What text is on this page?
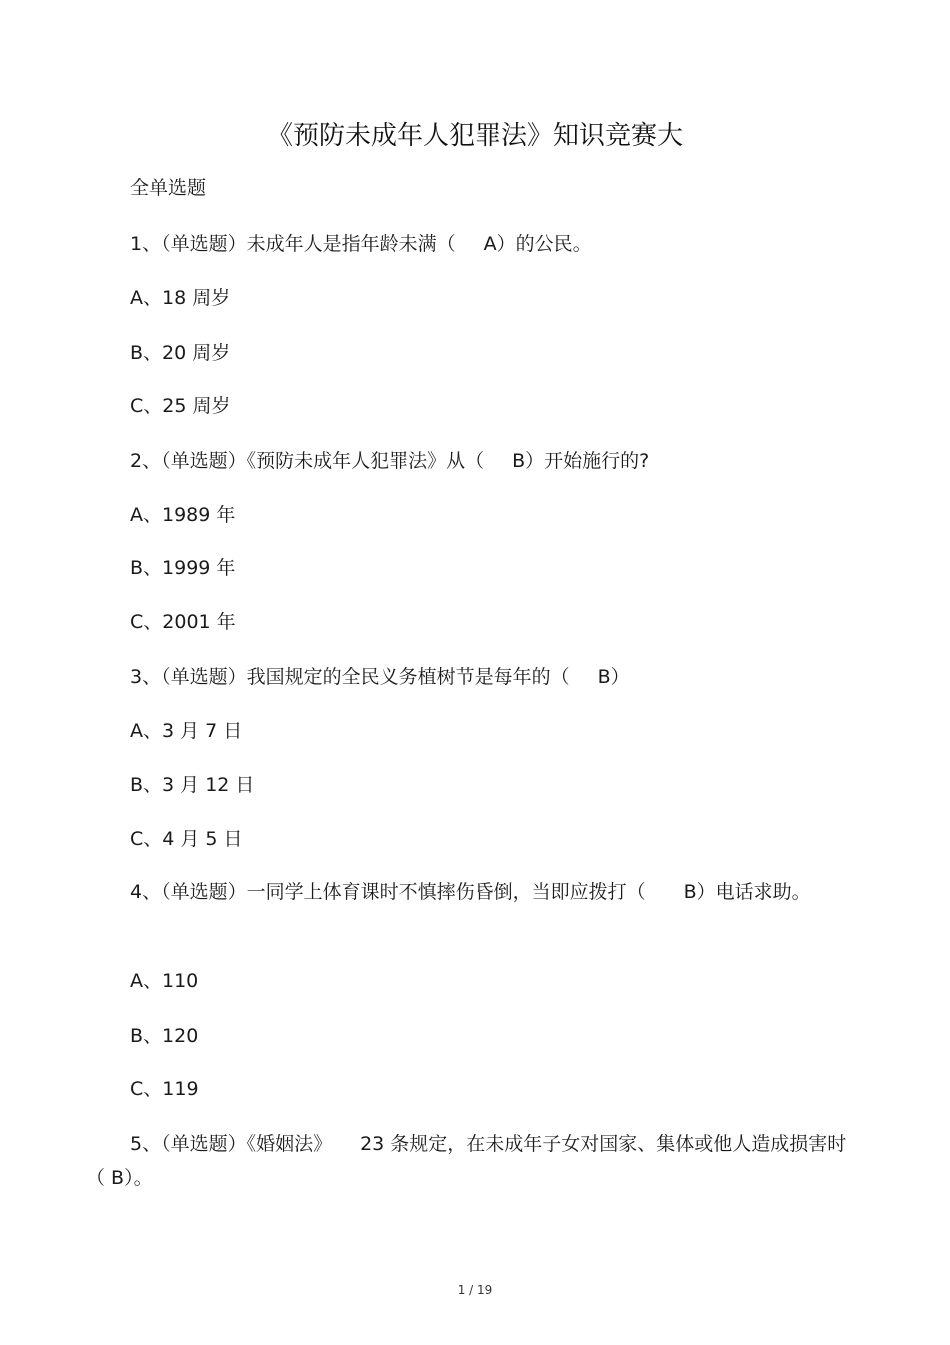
《预防未成年人犯罪法》知识竞赛大
全单选题
1、（单选题）未成年人是指年龄未满（ A）的公民。
A、18 周岁
B、20 周岁
C、25 周岁
2、（单选题）《预防未成年人犯罪法》从（ B）开始施行的?
A、1989 年
B、1999 年
C、2001 年
3、（单选题）我国规定的全民义务植树节是每年的（ B）
A、3 月 7 日
B、3 月 12 日
C、4 月 5 日
4、（单选题）一同学上体育课时不慎摔伤昏倒，当即应拨打（ B）电话求助。
A、110
B、120
C、119
5、（单选题）《婚姻法》 23 条规定，在未成年子女对国家、集体或他人造成损害时（ B）。
1 / 19
